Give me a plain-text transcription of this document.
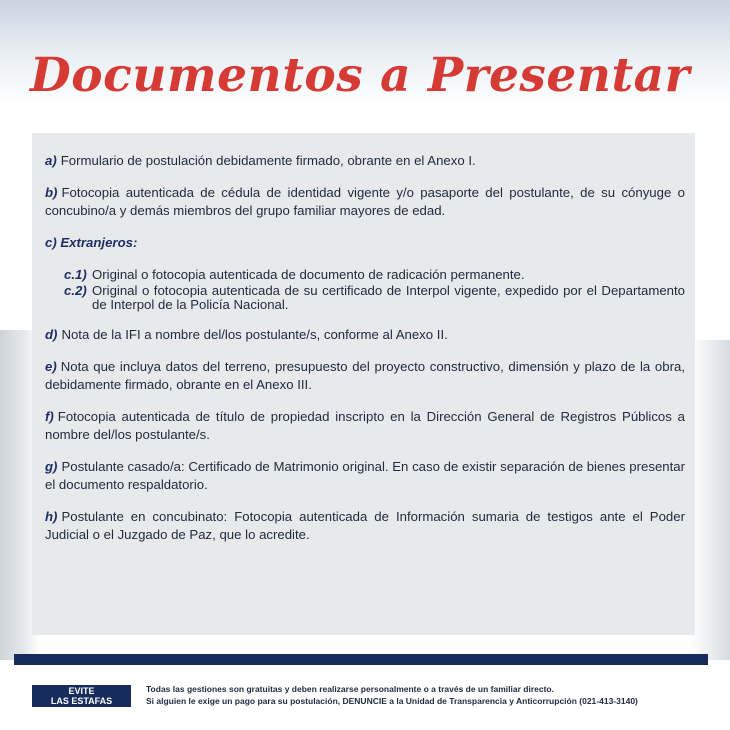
Documentos a Presentar

a) Formulario de postulación debidamente firmado, obrante en el Anexo I.

b) Fotocopia autenticada de cédula de identidad vigente y/o pasaporte del postulante, de su cónyuge o concubino/a y demás miembros del grupo familiar mayores de edad.

c) Extranjeros:

c.1) Original o fotocopia autenticada de documento de radicación permanente.

c.2) Original o fotocopia autenticada de su certificado de Interpol vigente, expedido por el Departamento de Interpol de la Policía Nacional.

d) Nota de la IFI a nombre del/los postulante/s, conforme al Anexo II.

e) Nota que incluya datos del terreno, presupuesto del proyecto constructivo, dimensión y plazo de la obra, debidamente firmado, obrante en el Anexo III.

f) Fotocopia autenticada de título de propiedad inscripto en la Dirección General de Registros Públicos a nombre del/los postulante/s.

g) Postulante casado/a: Certificado de Matrimonio original. En caso de existir separación de bienes presentar el documento respaldatorio.

h) Postulante en concubinato: Fotocopia autenticada de Información sumaria de testigos ante el Poder Judicial o el Juzgado de Paz, que lo acredite.

EVITE
LAS ESTAFAS
Todas las gestiones son gratuitas y deben realizarse personalmente o a través de un familiar directo.
Si alguien le exige un pago para su postulación, DENUNCIE a la Unidad de Transparencia y Anticorrupción (021-413-3140)
